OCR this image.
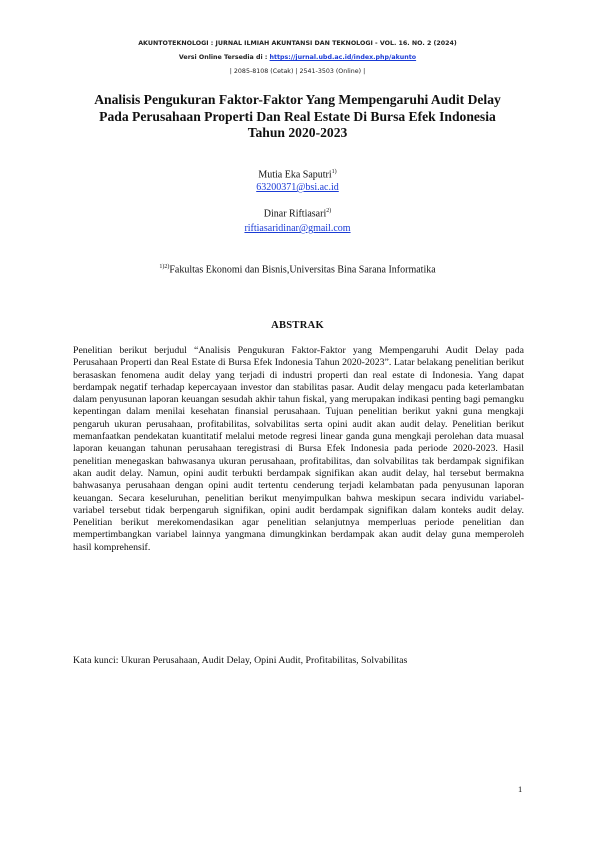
AKUNTOTEKNOLOGI : JURNAL ILMIAH AKUNTANSI DAN TEKNOLOGI - VOL. 16. NO. 2 (2024)
Versi Online Tersedia di : https://jurnal.ubd.ac.id/index.php/akunto
| 2085-8108 (Cetak) | 2541-3503 (Online) |
Analisis Pengukuran Faktor-Faktor Yang Mempengaruhi Audit Delay
Pada Perusahaan Properti Dan Real Estate Di Bursa Efek Indonesia
Tahun 2020-2023
Mutia Eka Saputri$^{1)}$
63200371@bsi.ac.id
Dinar Riftiasari$^{2)}$
riftiasaridinar@gmail.com
$^{1)2)}$Fakultas Ekonomi dan Bisnis,Universitas Bina Sarana Informatika
ABSTRAK
Penelitian berikut berjudul “Analisis Pengukuran Faktor-Faktor yang Mempengaruhi Audit Delay pada Perusahaan Properti dan Real Estate di Bursa Efek Indonesia Tahun 2020-2023”. Latar belakang penelitian berikut berasaskan fenomena audit delay yang terjadi di industri properti dan real estate di Indonesia. Yang dapat berdampak negatif terhadap kepercayaan investor dan stabilitas pasar. Audit delay mengacu pada keterlambatan dalam penyusunan laporan keuangan sesudah akhir tahun fiskal, yang merupakan indikasi penting bagi pemangku kepentingan dalam menilai kesehatan finansial perusahaan. Tujuan penelitian berikut yakni guna mengkaji pengaruh ukuran perusahaan, profitabilitas, solvabilitas serta opini audit akan audit delay. Penelitian berikut memanfaatkan pendekatan kuantitatif melalui metode regresi linear ganda guna mengkaji perolehan data muasal laporan keuangan tahunan perusahaan teregistrasi di Bursa Efek Indonesia pada periode 2020-2023. Hasil penelitian menegaskan bahwasanya ukuran perusahaan, profitabilitas, dan solvabilitas tak berdampak signifikan akan audit delay. Namun, opini audit terbukti berdampak signifikan akan audit delay, hal tersebut bermakna bahwasanya perusahaan dengan opini audit tertentu cenderung terjadi kelambatan pada penyusunan laporan keuangan. Secara keseluruhan, penelitian berikut menyimpulkan bahwa meskipun secara individu variabel-variabel tersebut tidak berpengaruh signifikan, opini audit berdampak signifikan dalam konteks audit delay. Penelitian berikut merekomendasikan agar penelitian selanjutnya memperluas periode penelitian dan mempertimbangkan variabel lainnya yangmana dimungkinkan berdampak akan audit delay guna memperoleh hasil komprehensif.
Kata kunci: Ukuran Perusahaan, Audit Delay, Opini Audit, Profitabilitas, Solvabilitas
1
